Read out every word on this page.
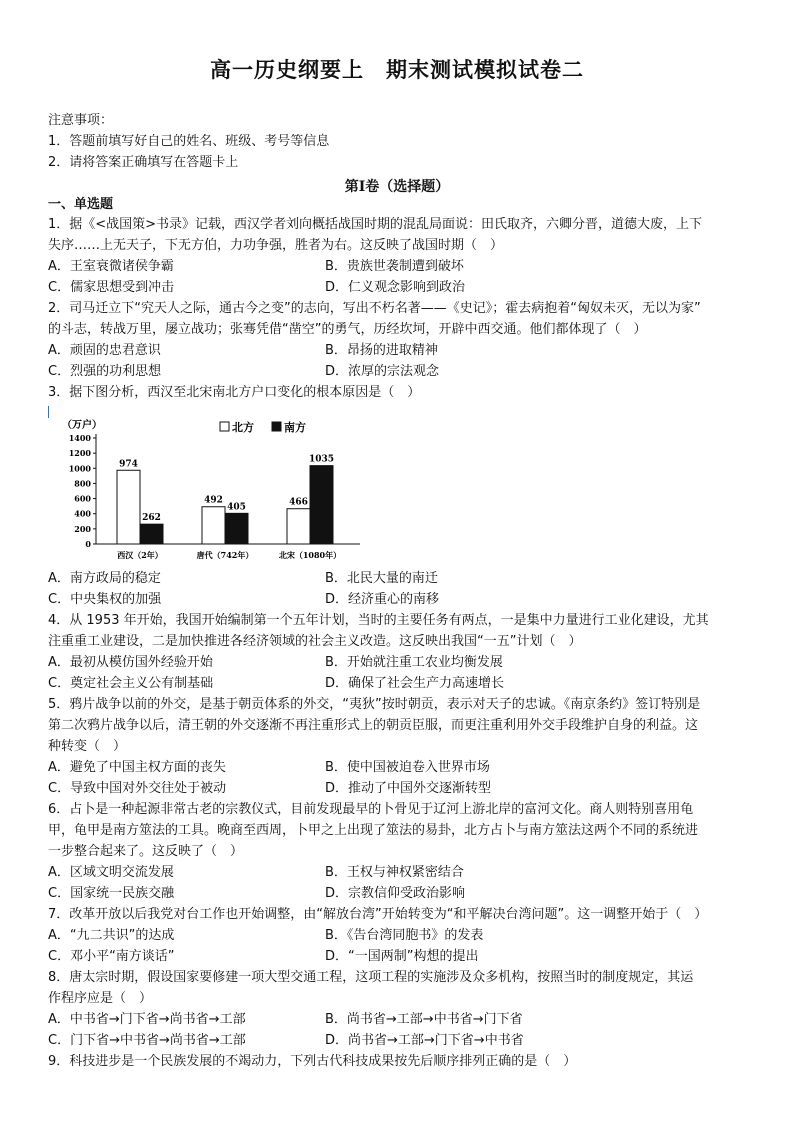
高一历史纲要上　期末测试模拟试卷二
注意事项：
1．答题前填写好自己的姓名、班级、考号等信息
2．请将答案正确填写在答题卡上
第Ⅰ卷（选择题）
一、单选题
1．据《<战国策>书录》记载，西汉学者刘向概括战国时期的混乱局面说：田氏取齐，六卿分晋，道德大废，上下
失序……上无天子，下无方伯，力功争强，胜者为右。这反映了战国时期（　）
A．王室衰微诸侯争霸	B．贵族世袭制遭到破坏
C．儒家思想受到冲击	D．仁义观念影响到政治
2．司马迁立下“究天人之际，通古今之变”的志向，写出不朽名著——《史记》；霍去病抱着“匈奴未灭，无以为家”
的斗志，转战万里，屡立战功；张骞凭借“凿空”的勇气，历经坎坷，开辟中西交通。他们都体现了（　）
A．顽固的忠君意识	B．昂扬的进取精神
C．烈强的功利思想	D．浓厚的宗法观念
3．据下图分析，西汉至北宋南北方户口变化的根本原因是（　）
（万户）
0
200
400
600
800
1000
1200
1400
974
262
492
405	466
1035
西汉（2年）	唐代（742年）	北宋（1080年）
北方	南方
A．南方政局的稳定	B．北民大量的南迁
C．中央集权的加强	D．经济重心的南移
4．从 1953 年开始，我国开始编制第一个五年计划，当时的主要任务有两点，一是集中力量进行工业化建设，尤其
注重重工业建设，二是加快推进各经济领域的社会主义改造。这反映出我国“一五”计划（　）
A．最初从模仿国外经验开始	B．开始就注重工农业均衡发展
C．奠定社会主义公有制基础	D．确保了社会生产力高速增长
5．鸦片战争以前的外交，是基于朝贡体系的外交，“夷狄”按时朝贡，表示对天子的忠诚。《南京条约》签订特别是
第二次鸦片战争以后，清王朝的外交逐渐不再注重形式上的朝贡臣服，而更注重利用外交手段维护自身的利益。这
种转变（　）
A．避免了中国主权方面的丧失	B．使中国被迫卷入世界市场
C．导致中国对外交往处于被动	D．推动了中国外交逐渐转型
6．占卜是一种起源非常古老的宗教仪式，目前发现最早的卜骨见于辽河上游北岸的富河文化。商人则特别喜用龟
甲，龟甲是南方筮法的工具。晚商至西周，卜甲之上出现了筮法的易卦，北方占卜与南方筮法这两个不同的系统进
一步整合起来了。这反映了（　）
A．区域文明交流发展	B．王权与神权紧密结合
C．国家统一民族交融	D．宗教信仰受政治影响
7．改革开放以后我党对台工作也开始调整，由“解放台湾”开始转变为“和平解决台湾问题”。这一调整开始于（　）
A．“九二共识”的达成	B．《告台湾同胞书》的发表
C．邓小平“南方谈话”	D．“一国两制”构想的提出
8．唐太宗时期，假设国家要修建一项大型交通工程，这项工程的实施涉及众多机构，按照当时的制度规定，其运
作程序应是（　）
A．中书省→门下省→尚书省→工部	B．尚书省→工部→中书省→门下省
C．门下省→中书省→尚书省→工部	D．尚书省→工部→门下省→中书省
9．科技进步是一个民族发展的不竭动力，下列古代科技成果按先后顺序排列正确的是（　）
